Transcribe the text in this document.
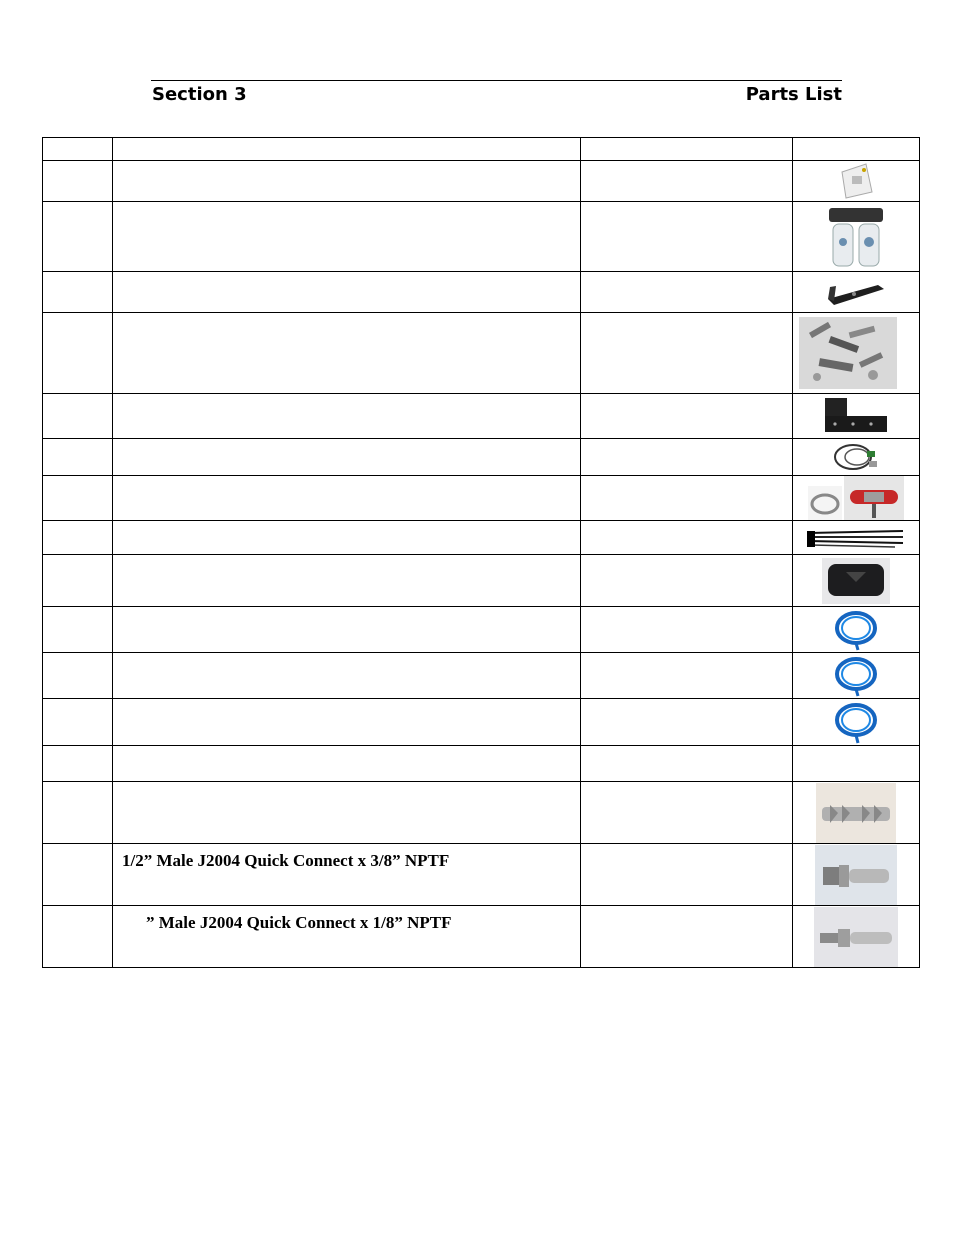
Section 3	Parts List

	1/2” Male J2004 Quick Connect x 3/8” NPTF

	” Male J2004 Quick Connect x 1/8” NPTF
